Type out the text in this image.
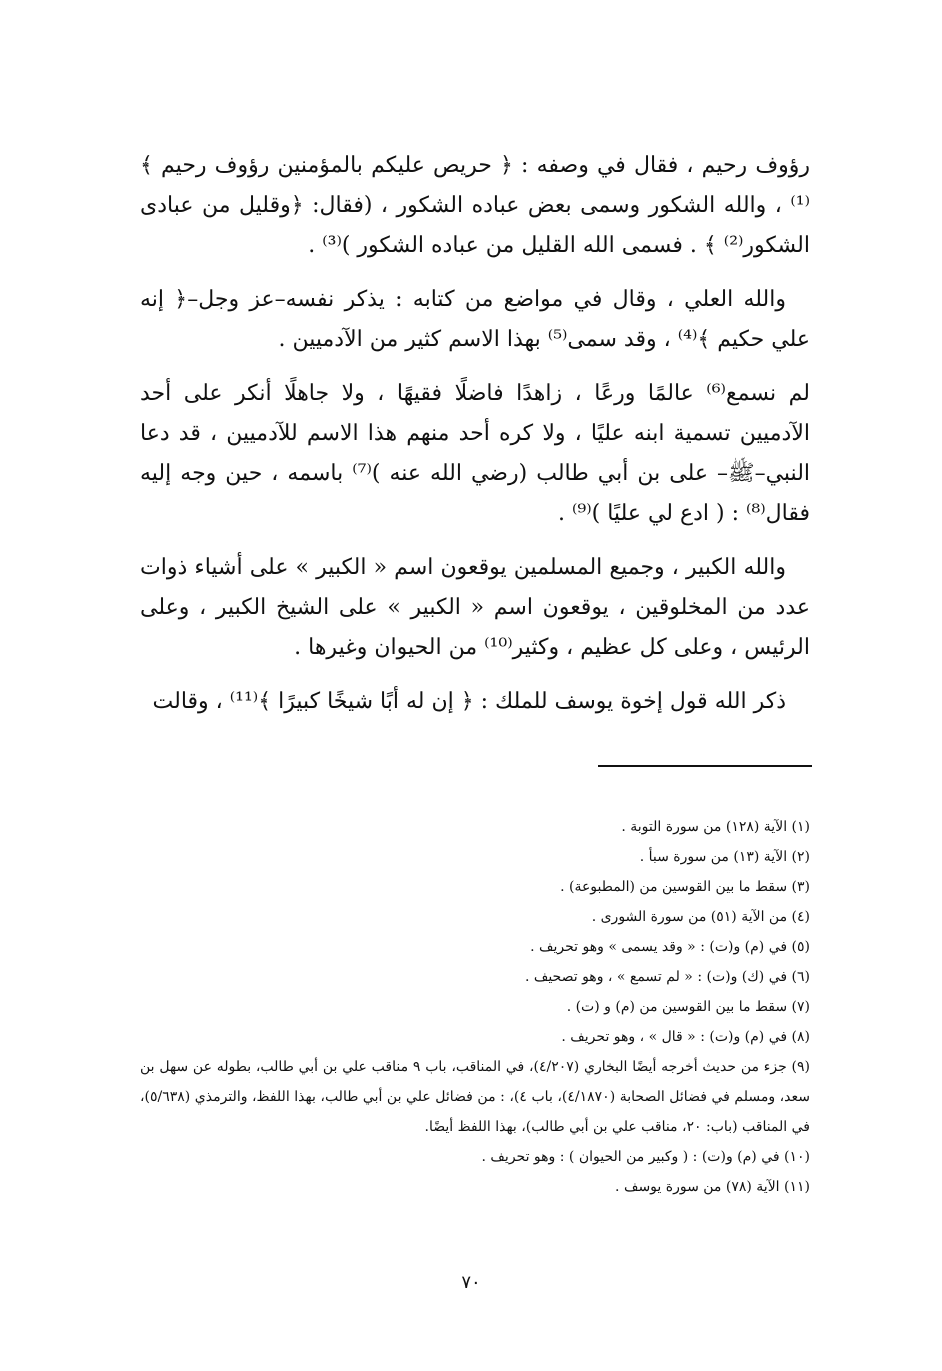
رؤوف رحيم ، فقال في وصفه : ﴿ حريص عليكم بالمؤمنين رؤوف رحيم ﴾⁽¹⁾ ، والله الشكور وسمى بعض عباده الشكور ، (فقال: ﴿وقليل من عبادى الشكور⁽²⁾ ﴾ . فسمى الله القليل من عباده الشكور )⁽³⁾ .

والله العلي ، وقال في مواضع من كتابه : يذكر نفسه–عز وجل–﴿ إنه علي حكيم ﴾⁽⁴⁾ ، وقد سمى⁽⁵⁾ بهذا الاسم كثير من الآدميين .

لم نسمع⁽⁶⁾ عالمًا ورعًا ، زاهدًا فاضلًا فقيهًا ، ولا جاهلًا أنكر على أحد الآدميين تسمية ابنه عليًا ، ولا كره أحد منهم هذا الاسم للآدميين ، قد دعا النبي–ﷺ– على بن أبي طالب (رضي الله عنه )⁽⁷⁾ باسمه ، حين وجه إليه فقال⁽⁸⁾ : ( ادع لي عليًا )⁽⁹⁾ .

والله الكبير ، وجميع المسلمين يوقعون اسم « الكبير » على أشياء ذوات عدد من المخلوقين ، يوقعون اسم « الكبير » على الشيخ الكبير ، وعلى الرئيس ، وعلى كل عظيم ، وكثير⁽¹⁰⁾ من الحيوان وغيرها .

ذكر الله قول إخوة يوسف للملك : ﴿ إن له أبًا شيخًا كبيرًا ﴾⁽¹¹⁾ ، وقالت

(١) الآية (١٢٨) من سورة التوبة .
(٢) الآية (١٣) من سورة سبأ .
(٣) سقط ما بين القوسين من (المطبوعة) .
(٤) من الآية (٥١) من سورة الشورى .
(٥) في (م) و(ت) : « وقد يسمى » وهو تحريف .
(٦) في (ك) و(ت) : « لم تسمع » ، وهو تصحيف .
(٧) سقط ما بين القوسين من (م) و (ت) .
(٨) في (م) و(ت) : « قال » ، وهو تحريف .
(٩) جزء من حديث أخرجه أيضًا البخاري (٤/٢٠٧)، في المناقب، باب ٩ مناقب علي بن أبي طالب، بطوله عن سهل بن سعد، ومسلم في فضائل الصحابة (٤/١٨٧٠)، باب ٤)، : من فضائل علي بن أبي طالب، بهذا اللفظ، والترمذي (٥/٦٣٨)، في المناقب (باب: ٢٠، مناقب علي بن أبي طالب)، بهذا اللفظ أيضًا.
(١٠) في (م) و(ت) : ( وكبير من الحيوان ) : وهو تحريف .
(١١) الآية (٧٨) من سورة يوسف .
٧٠
